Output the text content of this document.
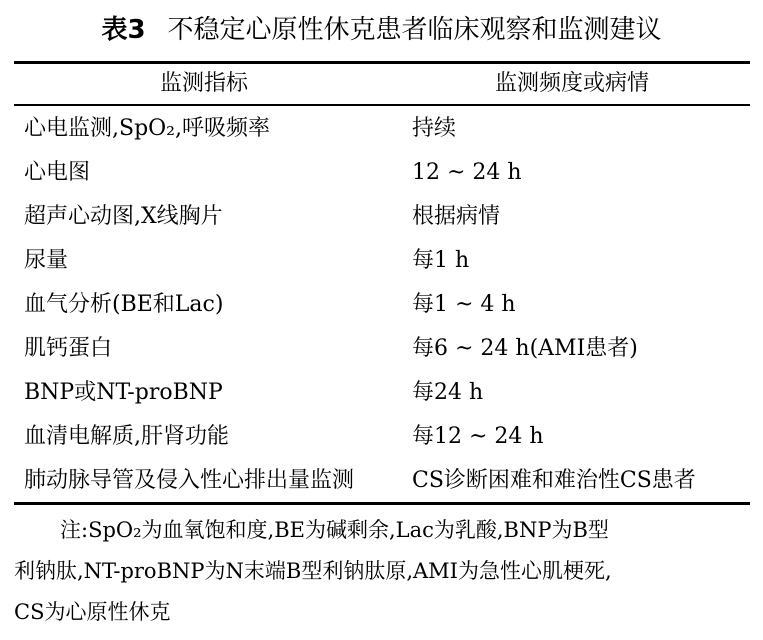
表3 不稳定心原性休克患者临床观察和监测建议
监测指标	监测频度或病情
心电监测,SpO₂,呼吸频率	持续
心电图	12 ~ 24 h
超声心动图,X线胸片	根据病情
尿量	每1 h
血气分析(BE和Lac)	每1 ~ 4 h
肌钙蛋白	每6 ~ 24 h(AMI患者)
BNP或NT-proBNP	每24 h
血清电解质,肝肾功能	每12 ~ 24 h
肺动脉导管及侵入性心排出量监测	CS诊断困难和难治性CS患者
注:SpO₂为血氧饱和度,BE为碱剩余,Lac为乳酸,BNP为B型
利钠肽,NT-proBNP为N末端B型利钠肽原,AMI为急性心肌梗死,
CS为心原性休克
